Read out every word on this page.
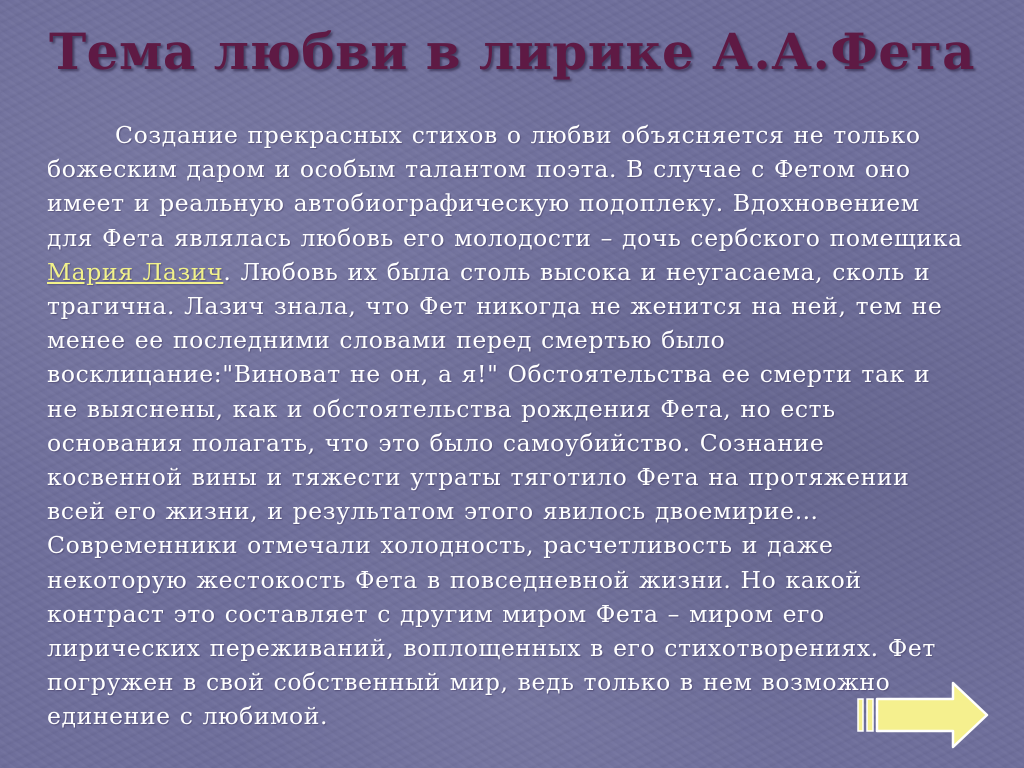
Тема любви в лирике А.А.Фета

Создание прекрасных стихов о любви объясняется не только божеским даром и особым талантом поэта. В случае с Фетом оно имеет и реальную автобиографическую подоплеку. Вдохновением для Фета являлась любовь его молодости – дочь сербского помещика Мария Лазич. Любовь их была столь высока и неугасаема, сколь и трагична. Лазич знала, что Фет никогда не женится на ней, тем не менее ее последними словами перед смертью было восклицание:"Виноват не он, а я!" Обстоятельства ее смерти так и не выяснены, как и обстоятельства рождения Фета, но есть основания полагать, что это было самоубийство. Сознание косвенной вины и тяжести утраты тяготило Фета на протяжении всей его жизни, и результатом этого явилось двоемирие… Современники отмечали холодность, расчетливость и даже некоторую жестокость Фета в повседневной жизни. Но какой контраст это составляет с другим миром Фета – миром его лирических переживаний, воплощенных в его стихотворениях. Фет погружен в свой собственный мир, ведь только в нем возможно единение с любимой.
